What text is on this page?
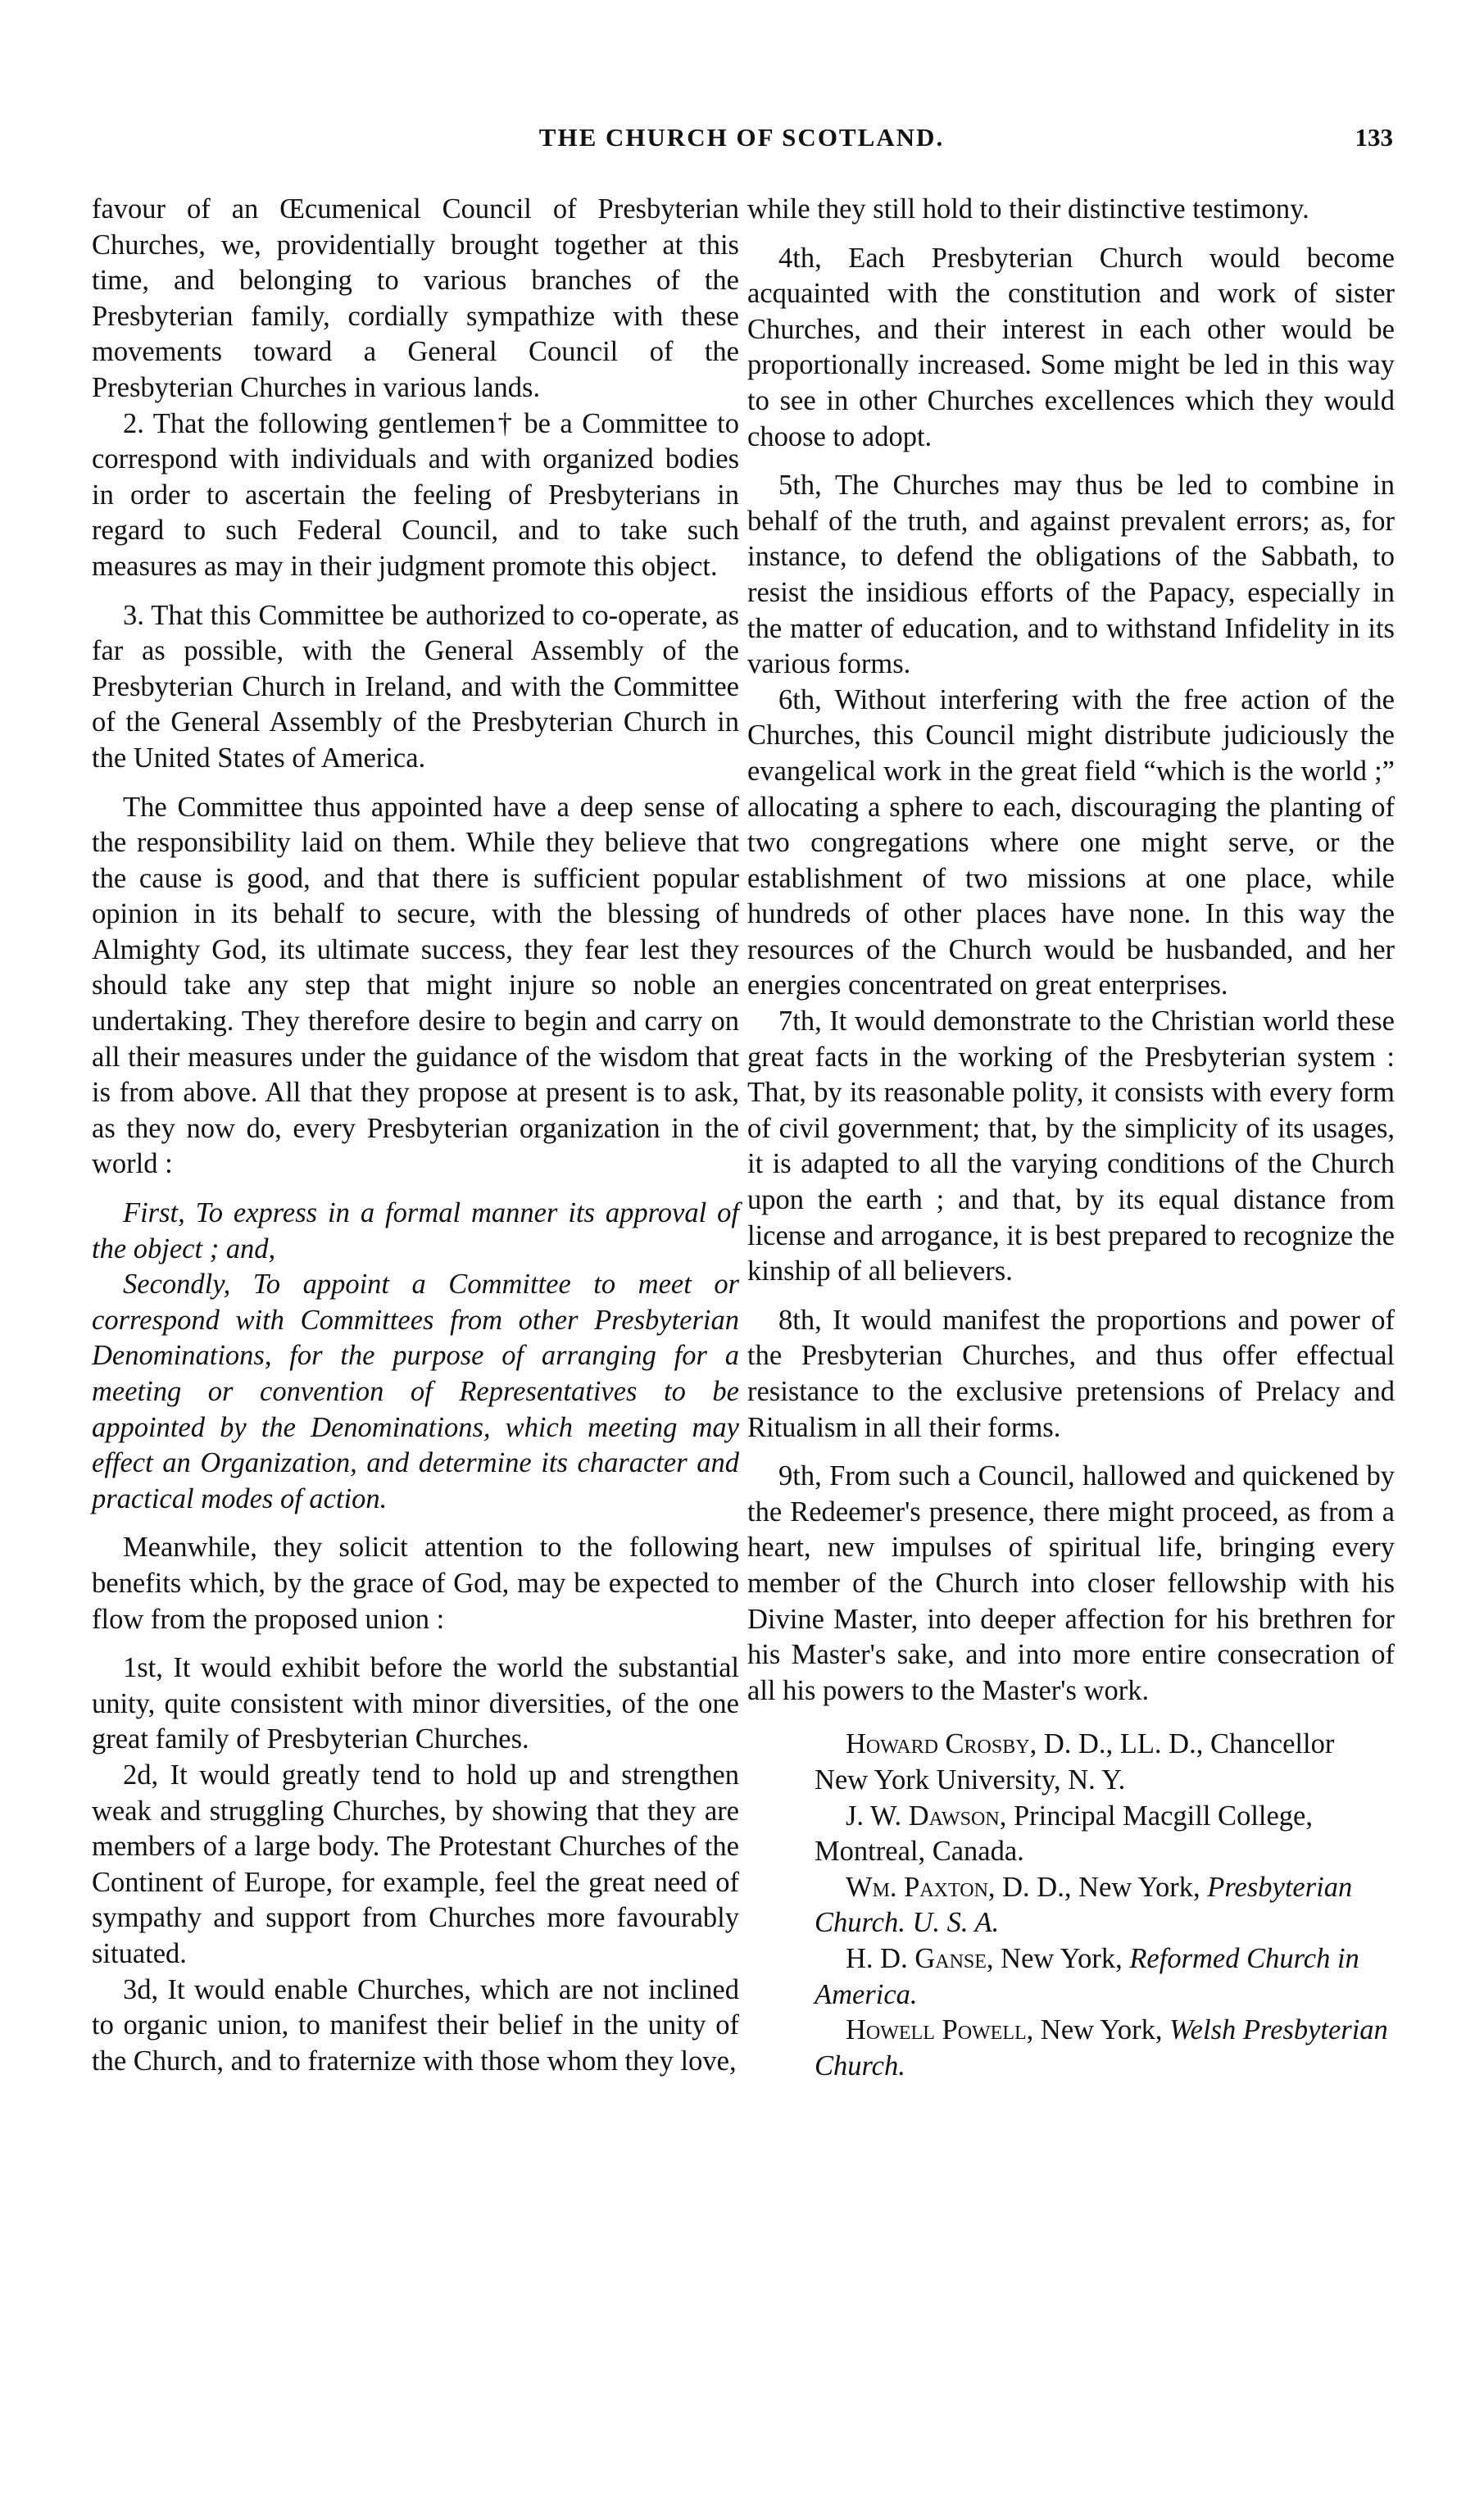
THE CHURCH OF SCOTLAND.	133

favour of an Œcumenical Council of Presbyterian Churches, we, providentially brought together at this time, and belonging to various branches of the Presbyterian family, cordially sympathize with these movements toward a General Council of the Presbyterian Churches in various lands.

2. That the following gentlemen† be a Committee to correspond with individuals and with organized bodies in order to ascertain the feeling of Presbyterians in regard to such Federal Council, and to take such measures as may in their judgment promote this object.

3. That this Committee be authorized to co-operate, as far as possible, with the General Assembly of the Presbyterian Church in Ireland, and with the Committee of the General Assembly of the Presbyterian Church in the United States of America.

The Committee thus appointed have a deep sense of the responsibility laid on them. While they believe that the cause is good, and that there is sufficient popular opinion in its behalf to secure, with the blessing of Almighty God, its ultimate success, they fear lest they should take any step that might injure so noble an undertaking. They therefore desire to begin and carry on all their measures under the guidance of the wisdom that is from above. All that they propose at present is to ask, as they now do, every Presbyterian organization in the world :

First, To express in a formal manner its approval of the object ; and,

Secondly, To appoint a Committee to meet or correspond with Committees from other Presbyterian Denominations, for the purpose of arranging for a meeting or convention of Representatives to be appointed by the Denominations, which meeting may effect an Organization, and determine its character and practical modes of action.

Meanwhile, they solicit attention to the following benefits which, by the grace of God, may be expected to flow from the proposed union :

1st, It would exhibit before the world the substantial unity, quite consistent with minor diversities, of the one great family of Presbyterian Churches.

2d, It would greatly tend to hold up and strengthen weak and struggling Churches, by showing that they are members of a large body. The Protestant Churches of the Continent of Europe, for example, feel the great need of sympathy and support from Churches more favourably situated.

3d, It would enable Churches, which are not inclined to organic union, to manifest their belief in the unity of the Church, and to fraternize with those whom they love,

while they still hold to their distinctive testimony.

4th, Each Presbyterian Church would become acquainted with the constitution and work of sister Churches, and their interest in each other would be proportionally increased. Some might be led in this way to see in other Churches excellences which they would choose to adopt.

5th, The Churches may thus be led to combine in behalf of the truth, and against prevalent errors; as, for instance, to defend the obligations of the Sabbath, to resist the insidious efforts of the Papacy, especially in the matter of education, and to withstand Infidelity in its various forms.

6th, Without interfering with the free action of the Churches, this Council might distribute judiciously the evangelical work in the great field “which is the world ;” allocating a sphere to each, discouraging the planting of two congregations where one might serve, or the establishment of two missions at one place, while hundreds of other places have none. In this way the resources of the Church would be husbanded, and her energies concentrated on great enterprises.

7th, It would demonstrate to the Christian world these great facts in the working of the Presbyterian system : That, by its reasonable polity, it consists with every form of civil government; that, by the simplicity of its usages, it is adapted to all the varying conditions of the Church upon the earth ; and that, by its equal distance from license and arrogance, it is best prepared to recognize the kinship of all believers.

8th, It would manifest the proportions and power of the Presbyterian Churches, and thus offer effectual resistance to the exclusive pretensions of Prelacy and Ritualism in all their forms.

9th, From such a Council, hallowed and quickened by the Redeemer's presence, there might proceed, as from a heart, new impulses of spiritual life, bringing every member of the Church into closer fellowship with his Divine Master, into deeper affection for his brethren for his Master's sake, and into more entire consecration of all his powers to the Master's work.

Howard Crosby, D. D., LL. D., Chancellor New York University, N. Y.

J. W. Dawson, Principal Macgill College, Montreal, Canada.

Wm. Paxton, D. D., New York, Presbyterian Church. U. S. A.

H. D. Ganse, New York, Reformed Church in America.

Howell Powell, New York, Welsh Presbyterian Church.
